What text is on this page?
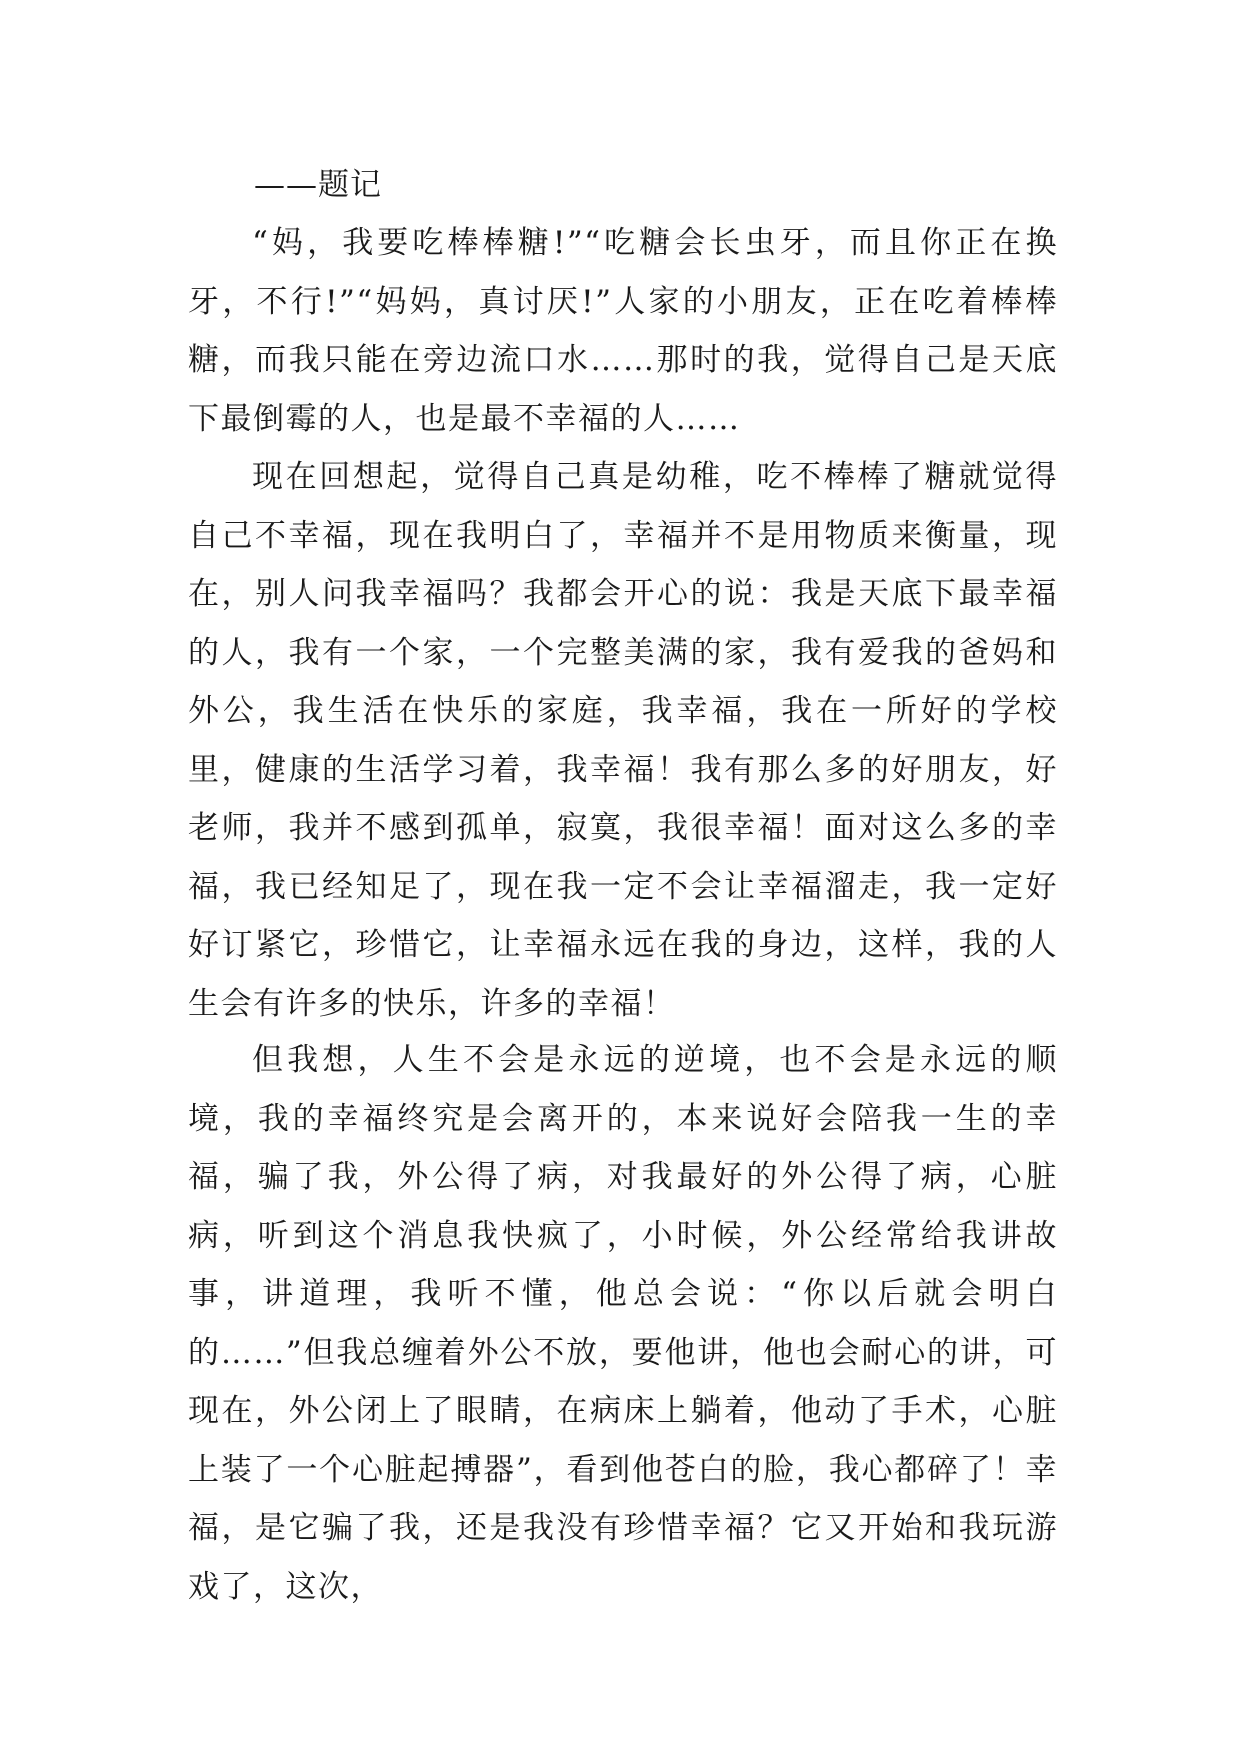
——题记

“妈，我要吃棒棒糖!”“吃糖会长虫牙，而且你正在换牙，不行!”“妈妈，真讨厌!”人家的小朋友，正在吃着棒棒糖，而我只能在旁边流口水……那时的我，觉得自己是天底下最倒霉的人，也是最不幸福的人……

现在回想起，觉得自己真是幼稚，吃不棒棒了糖就觉得自己不幸福，现在我明白了，幸福并不是用物质来衡量，现在，别人问我幸福吗？我都会开心的说：我是天底下最幸福的人，我有一个家，一个完整美满的家，我有爱我的爸妈和外公，我生活在快乐的家庭，我幸福，我在一所好的学校里，健康的生活学习着，我幸福！我有那么多的好朋友，好老师，我并不感到孤单，寂寞，我很幸福！面对这么多的幸福，我已经知足了，现在我一定不会让幸福溜走，我一定好好订紧它，珍惜它，让幸福永远在我的身边，这样，我的人生会有许多的快乐，许多的幸福！

但我想，人生不会是永远的逆境，也不会是永远的顺境，我的幸福终究是会离开的，本来说好会陪我一生的幸福，骗了我，外公得了病，对我最好的外公得了病，心脏病，听到这个消息我快疯了，小时候，外公经常给我讲故事，讲道理，我听不懂，他总会说：“你以后就会明白的……”但我总缠着外公不放，要他讲，他也会耐心的讲，可现在，外公闭上了眼睛，在病床上躺着，他动了手术，心脏上装了一个心脏起搏器”，看到他苍白的脸，我心都碎了！幸福，是它骗了我，还是我没有珍惜幸福？它又开始和我玩游戏了，这次，
